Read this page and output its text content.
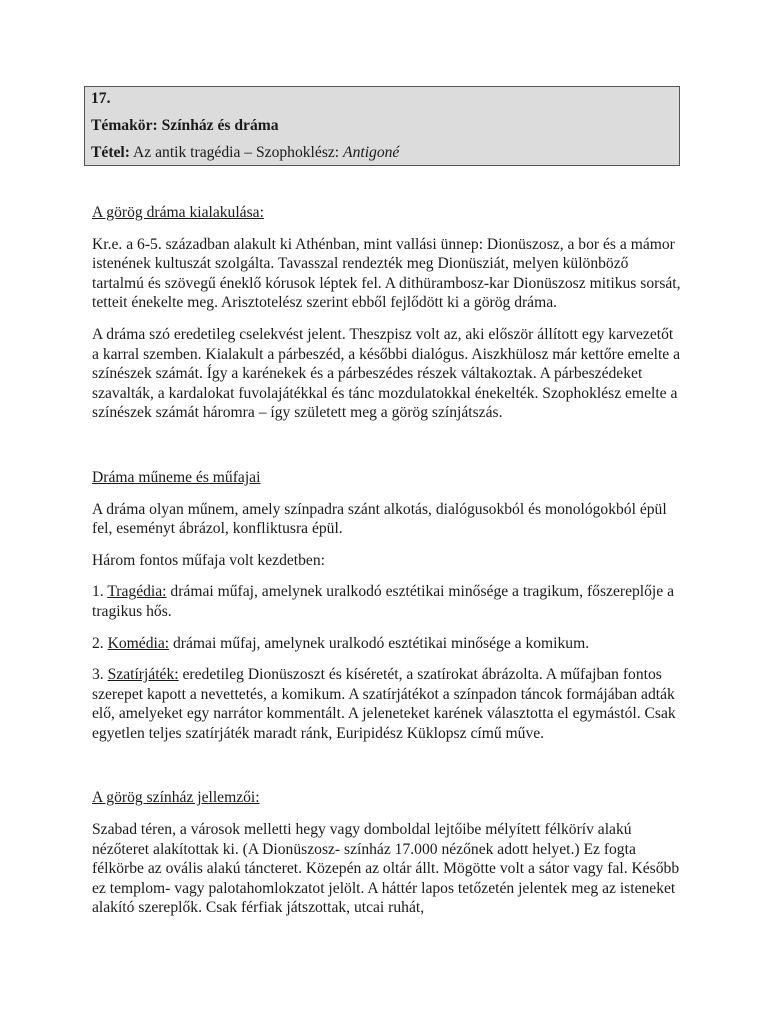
17.
Témakör: Színház és dráma
Tétel: Az antik tragédia – Szophoklész: Antigoné
A görög dráma kialakulása:

Kr.e. a 6-5. században alakult ki Athénban, mint vallási ünnep: Dionüszosz, a bor és a mámor istenének kultuszát szolgálta. Tavasszal rendezték meg Dionüsziát, melyen különböző tartalmú és szövegű éneklő kórusok léptek fel. A dithürambosz-kar Dionüszosz mitikus sorsát, tetteit énekelte meg. Arisztotelész szerint ebből fejlődött ki a görög dráma.

A dráma szó eredetileg cselekvést jelent. Theszpisz volt az, aki először állított egy karvezetőt a karral szemben. Kialakult a párbeszéd, a későbbi dialógus. Aiszkhülosz már kettőre emelte a színészek számát. Így a karénekek és a párbeszédes részek váltakoztak. A párbeszédeket szavalták, a kardalokat fuvolajátékkal és tánc mozdulatokkal énekelték. Szophoklész emelte a színészek számát háromra – így született meg a görög színjátszás.

Dráma műneme és műfajai

A dráma olyan műnem, amely színpadra szánt alkotás, dialógusokból és monológokból épül fel, eseményt ábrázol, konfliktusra épül.

Három fontos műfaja volt kezdetben:

1. Tragédia: drámai műfaj, amelynek uralkodó esztétikai minősége a tragikum, főszereplője a tragikus hős.

2. Komédia: drámai műfaj, amelynek uralkodó esztétikai minősége a komikum.

3. Szatírjáték: eredetileg Dionüszoszt és kíséretét, a szatírokat ábrázolta. A műfajban fontos szerepet kapott a nevettetés, a komikum. A szatírjátékot a színpadon táncok formájában adták elő, amelyeket egy narrátor kommentált. A jeleneteket karének választotta el egymástól. Csak egyetlen teljes szatírjáték maradt ránk, Euripidész Küklopsz című műve.

A görög színház jellemzői:

Szabad téren, a városok melletti hegy vagy domboldal lejtőibe mélyített félkörív alakú nézőteret alakítottak ki. (A Dionüszosz- színház 17.000 nézőnek adott helyet.) Ez fogta félkörbe az ovális alakú táncteret. Közepén az oltár állt. Mögötte volt a sátor vagy fal. Később ez templom- vagy palotahomlokzatot jelölt. A háttér lapos tetőzetén jelentek meg az isteneket alakító szereplők. Csak férfiak játszottak, utcai ruhát,
